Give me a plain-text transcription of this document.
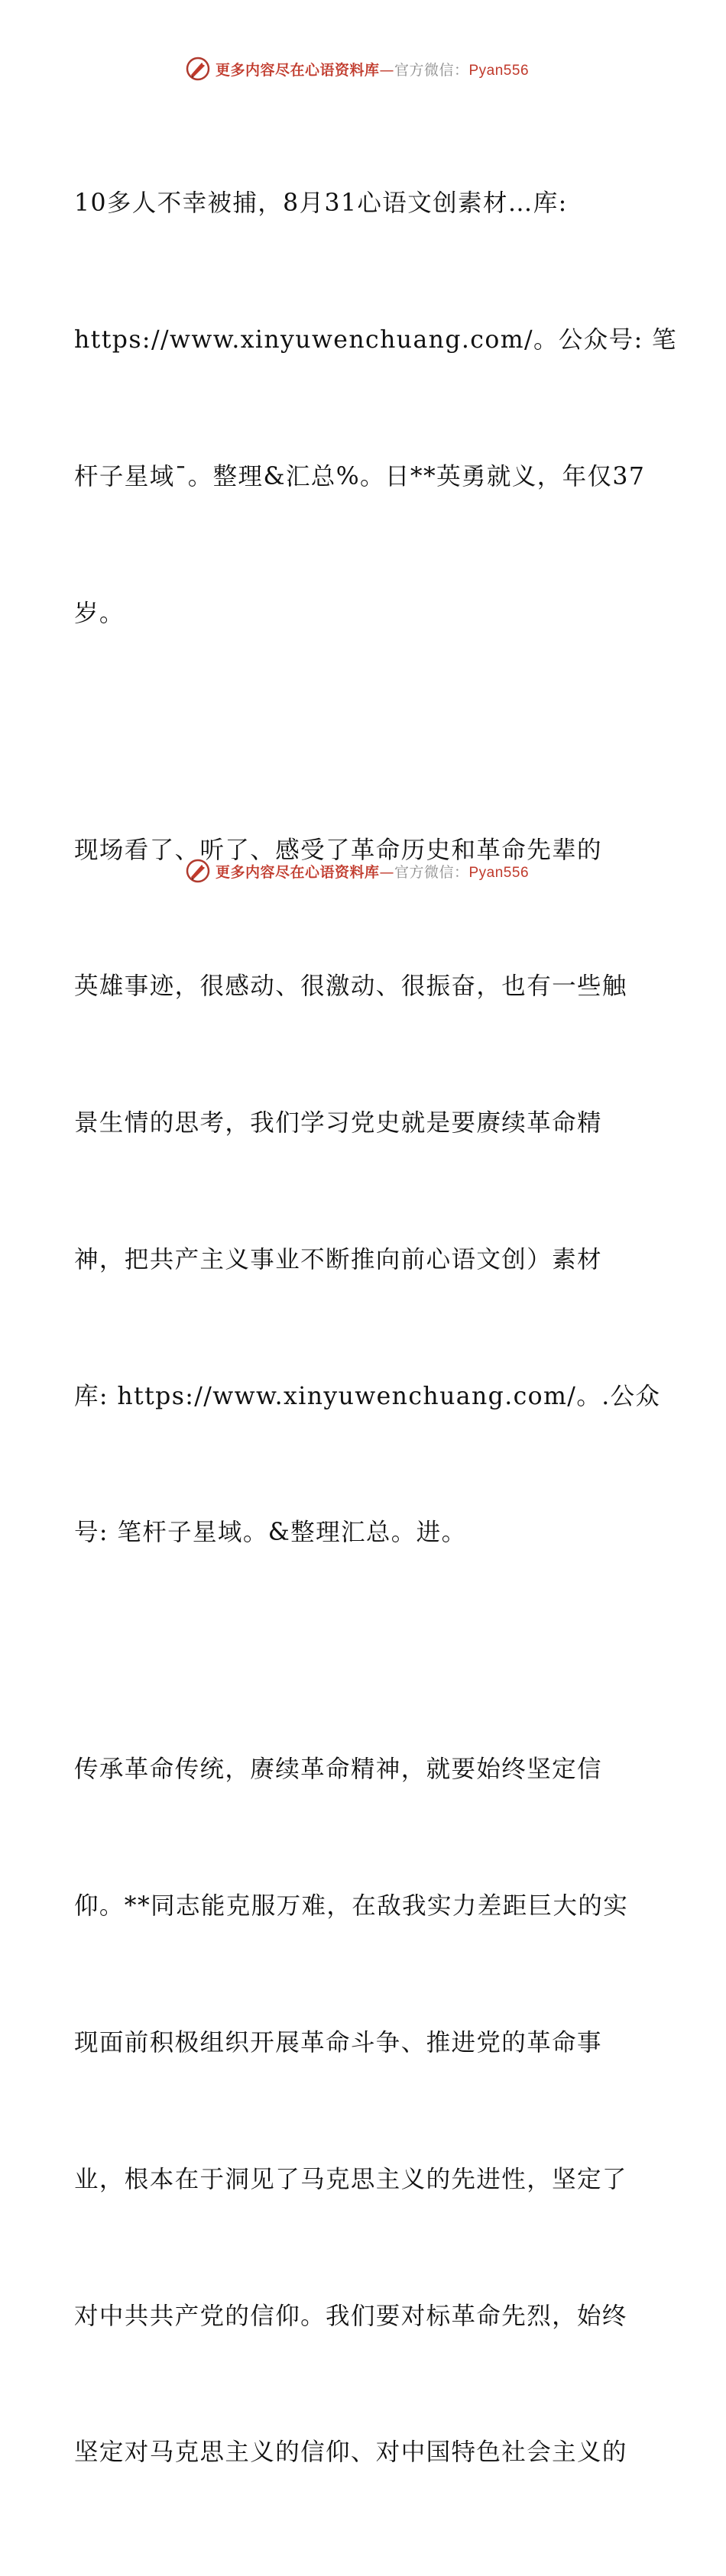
更多内容尽在心语资料库—官方微信：Pyan556

10多人不幸被捕，8月31心语文创素材…库:

https://www.xinyuwenchuang.com/。公众号: 笔

杆子星域¯。整理&汇总%。日**英勇就义，年仅37

岁。

现场看了、听了、感受了革命历史和革命先辈的

英雄事迹，很感动、很激动、很振奋，也有一些触

景生情的思考，我们学习党史就是要赓续革命精

神，把共产主义事业不断推向前心语文创）素材

库: https://www.xinyuwenchuang.com/。.公众

号: 笔杆子星域。&整理汇总。进。

传承革命传统，赓续革命精神，就要始终坚定信

仰。**同志能克服万难，在敌我实力差距巨大的实

现面前积极组织开展革命斗争、推进党的革命事

业，根本在于洞见了马克思主义的先进性，坚定了

对中共共产党的信仰。我们要对标革命先烈，始终

坚定对马克思主义的信仰、对中国特色社会主义的

更多内容尽在心语资料库—官方微信：Pyan556
